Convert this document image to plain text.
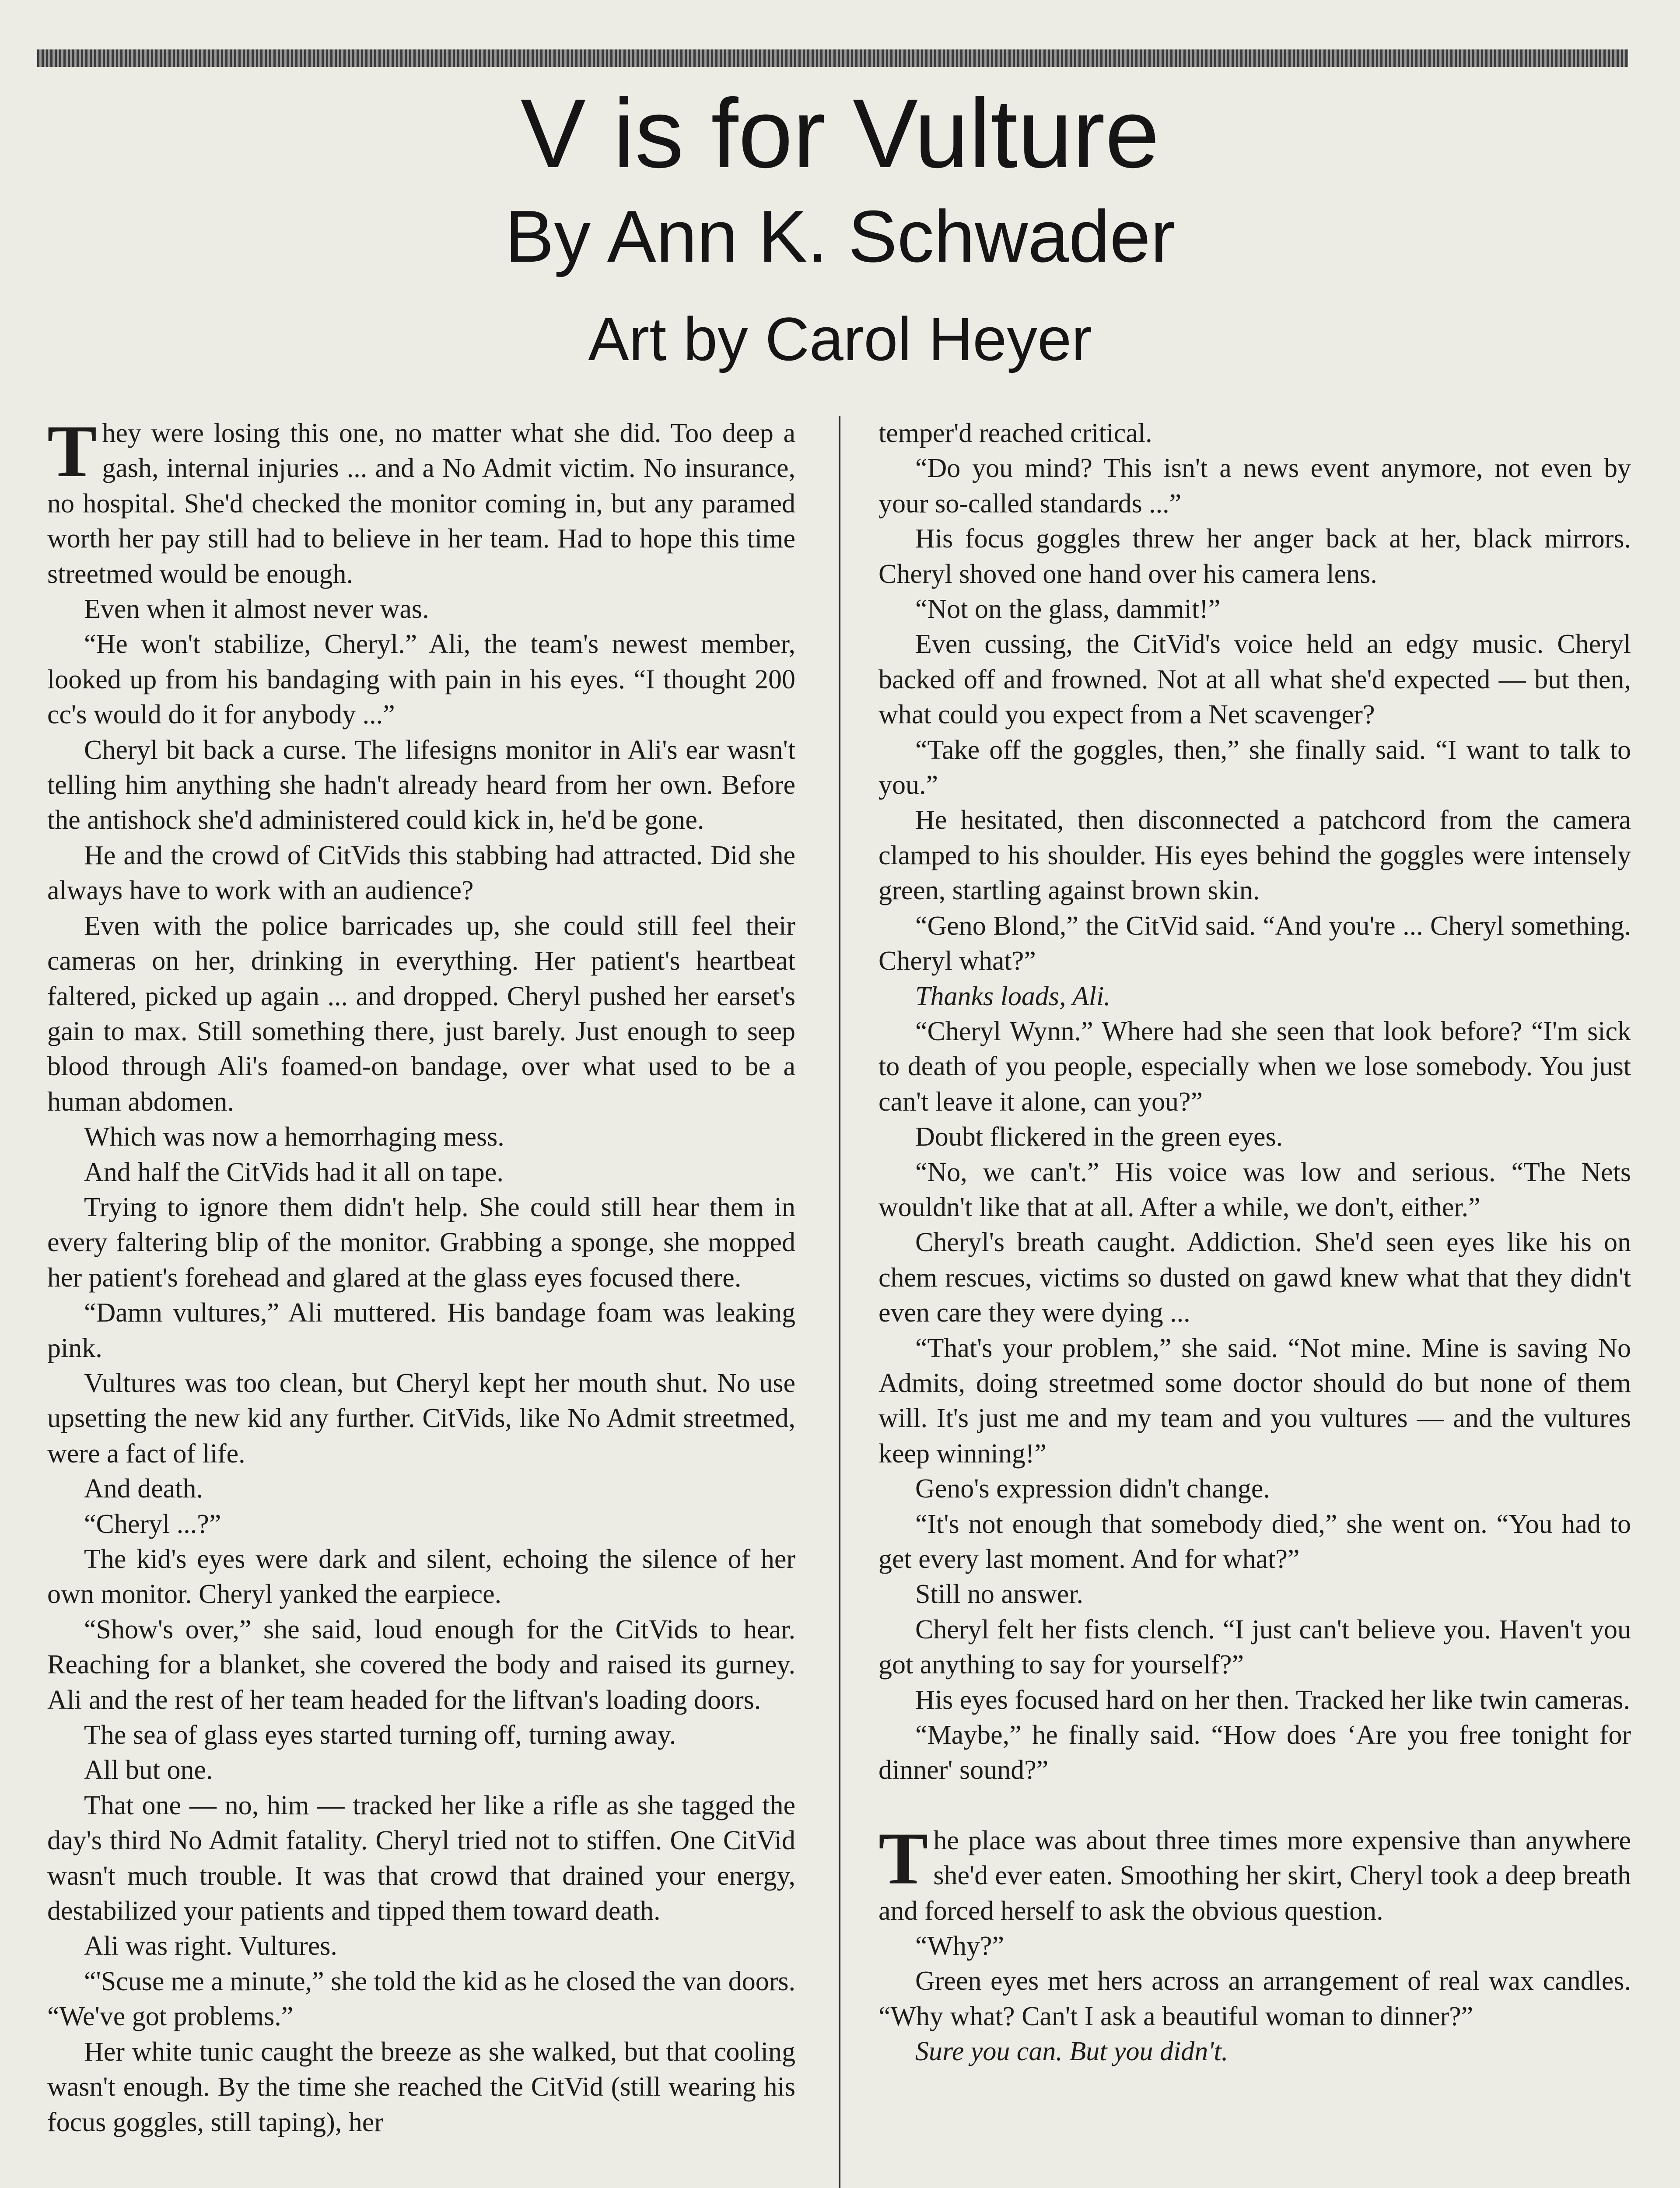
V is for Vulture
By Ann K. Schwader
Art by Carol Heyer

They were losing this one, no matter what she did. Too deep a gash, internal injuries ... and a No Admit victim. No insurance, no hospital. She'd checked the monitor coming in, but any paramed worth her pay still had to believe in her team. Had to hope this time streetmed would be enough.

Even when it almost never was.

“He won't stabilize, Cheryl.” Ali, the team's newest member, looked up from his bandaging with pain in his eyes. “I thought 200 cc's would do it for anybody ...”

Cheryl bit back a curse. The lifesigns monitor in Ali's ear wasn't telling him anything she hadn't already heard from her own. Before the antishock she'd administered could kick in, he'd be gone.

He and the crowd of CitVids this stabbing had attracted. Did she always have to work with an audience?

Even with the police barricades up, she could still feel their cameras on her, drinking in everything. Her patient's heartbeat faltered, picked up again ... and dropped. Cheryl pushed her earset's gain to max. Still something there, just barely. Just enough to seep blood through Ali's foamed-on bandage, over what used to be a human abdomen.

Which was now a hemorrhaging mess.

And half the CitVids had it all on tape.

Trying to ignore them didn't help. She could still hear them in every faltering blip of the monitor. Grabbing a sponge, she mopped her patient's forehead and glared at the glass eyes focused there.

“Damn vultures,” Ali muttered. His bandage foam was leaking pink.

Vultures was too clean, but Cheryl kept her mouth shut. No use upsetting the new kid any further. CitVids, like No Admit streetmed, were a fact of life.

And death.

“Cheryl ...?”

The kid's eyes were dark and silent, echoing the silence of her own monitor. Cheryl yanked the earpiece.

“Show's over,” she said, loud enough for the CitVids to hear. Reaching for a blanket, she covered the body and raised its gurney. Ali and the rest of her team headed for the liftvan's loading doors.

The sea of glass eyes started turning off, turning away.

All but one.

That one — no, him — tracked her like a rifle as she tagged the day's third No Admit fatality. Cheryl tried not to stiffen. One CitVid wasn't much trouble. It was that crowd that drained your energy, destabilized your patients and tipped them toward death.

Ali was right. Vultures.

“'Scuse me a minute,” she told the kid as he closed the van doors. “We've got problems.”

Her white tunic caught the breeze as she walked, but that cooling wasn't enough. By the time she reached the CitVid (still wearing his focus goggles, still taping), her

temper'd reached critical.

“Do you mind? This isn't a news event anymore, not even by your so-called standards ...”

His focus goggles threw her anger back at her, black mirrors. Cheryl shoved one hand over his camera lens.

“Not on the glass, dammit!”

Even cussing, the CitVid's voice held an edgy music. Cheryl backed off and frowned. Not at all what she'd expected — but then, what could you expect from a Net scavenger?

“Take off the goggles, then,” she finally said. “I want to talk to you.”

He hesitated, then disconnected a patchcord from the camera clamped to his shoulder. His eyes behind the goggles were intensely green, startling against brown skin.

“Geno Blond,” the CitVid said. “And you're ... Cheryl something. Cheryl what?”

Thanks loads, Ali.

“Cheryl Wynn.” Where had she seen that look before? “I'm sick to death of you people, especially when we lose somebody. You just can't leave it alone, can you?”

Doubt flickered in the green eyes.

“No, we can't.” His voice was low and serious. “The Nets wouldn't like that at all. After a while, we don't, either.”

Cheryl's breath caught. Addiction. She'd seen eyes like his on chem rescues, victims so dusted on gawd knew what that they didn't even care they were dying ...

“That's your problem,” she said. “Not mine. Mine is saving No Admits, doing streetmed some doctor should do but none of them will. It's just me and my team and you vultures — and the vultures keep winning!”

Geno's expression didn't change.

“It's not enough that somebody died,” she went on. “You had to get every last moment. And for what?”

Still no answer.

Cheryl felt her fists clench. “I just can't believe you. Haven't you got anything to say for yourself?”

His eyes focused hard on her then. Tracked her like twin cameras.

“Maybe,” he finally said. “How does ‘Are you free tonight for dinner' sound?”

The place was about three times more expensive than anywhere she'd ever eaten. Smoothing her skirt, Cheryl took a deep breath and forced herself to ask the obvious question.

“Why?”

Green eyes met hers across an arrangement of real wax candles. “Why what? Can't I ask a beautiful woman to dinner?”

Sure you can. But you didn't.
